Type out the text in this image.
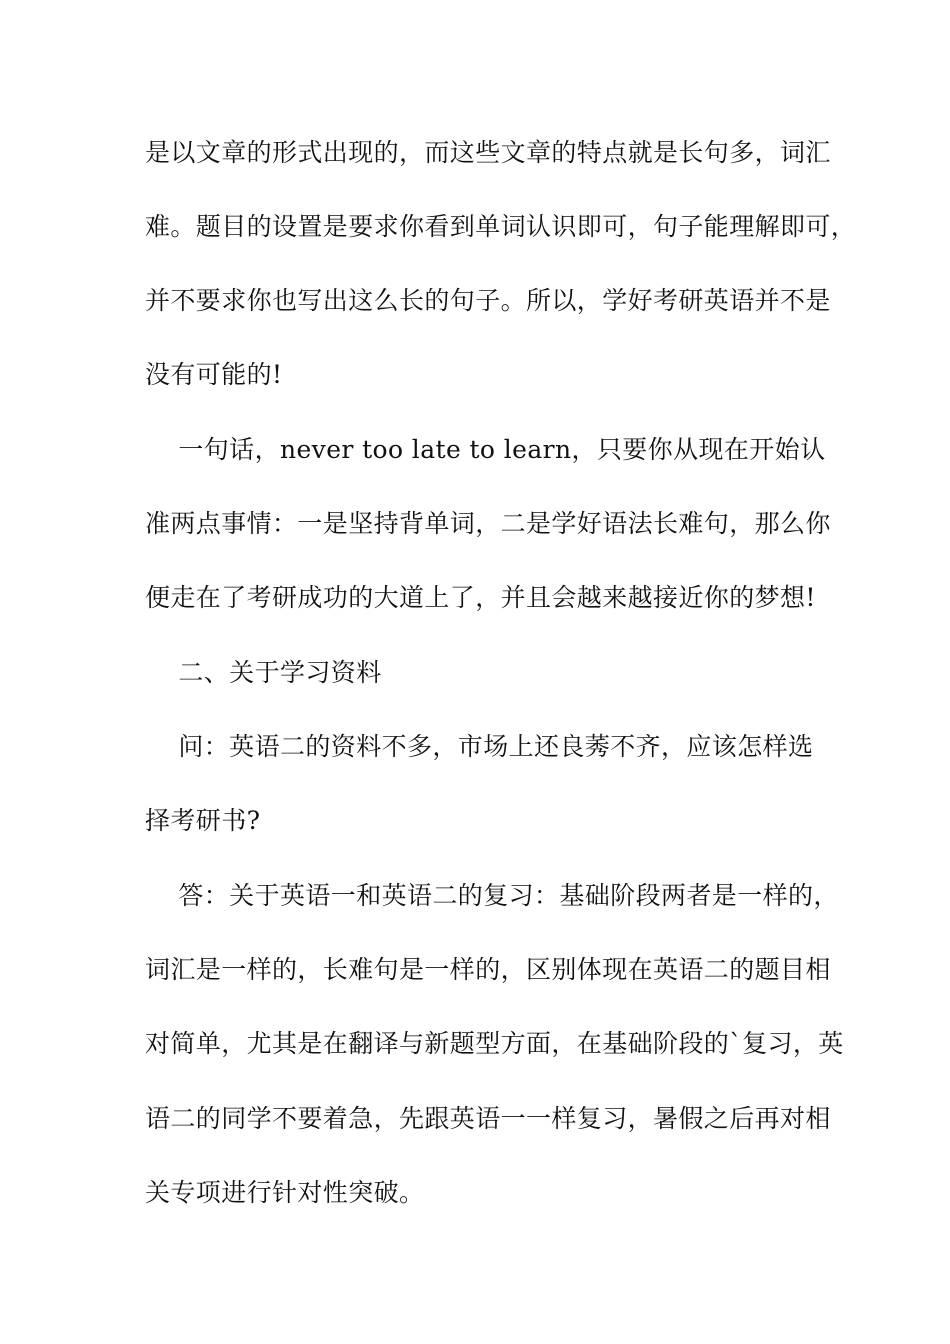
是以文章的形式出现的，而这些文章的特点就是长句多，词汇
难。题目的设置是要求你看到单词认识即可，句子能理解即可，
并不要求你也写出这么长的句子。所以，学好考研英语并不是
没有可能的!
一句话，never too late to learn，只要你从现在开始认
准两点事情：一是坚持背单词，二是学好语法长难句，那么你
便走在了考研成功的大道上了，并且会越来越接近你的梦想!
二、关于学习资料
问：英语二的资料不多，市场上还良莠不齐，应该怎样选
择考研书?
答：关于英语一和英语二的复习：基础阶段两者是一样的，
词汇是一样的，长难句是一样的，区别体现在英语二的题目相
对简单，尤其是在翻译与新题型方面，在基础阶段的`复习，英
语二的同学不要着急，先跟英语一一样复习，暑假之后再对相
关专项进行针对性突破。
